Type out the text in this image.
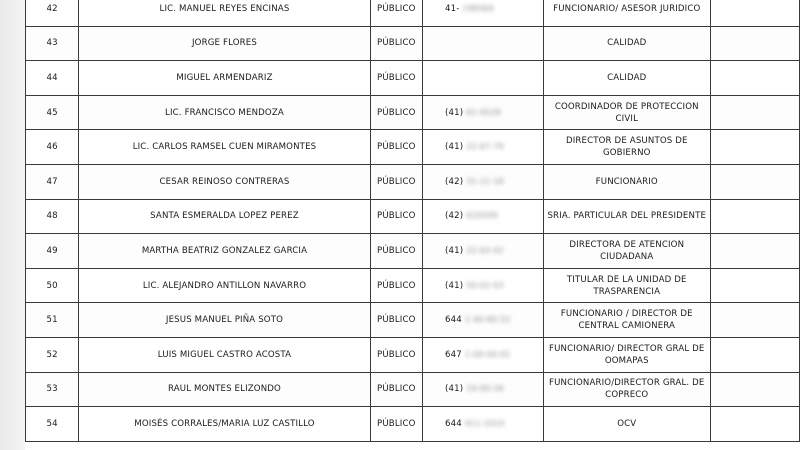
42	LIC. MANUEL REYES ENCINAS	PÚBLICO	41- 198369	FUNCIONARIO/ ASESOR JURIDICO	
43	JORGE FLORES	PÚBLICO		CALIDAD	
44	MIGUEL ARMENDARIZ	PÚBLICO		CALIDAD	
45	LIC. FRANCISCO MENDOZA	PÚBLICO	(41) 61-0528	COORDINADOR DE PROTECCION CIVIL	
46	LIC. CARLOS RAMSEL CUEN MIRAMONTES	PÚBLICO	(41) 22-67-79	DIRECTOR DE ASUNTOS DE GOBIERNO	
47	CESAR REINOSO CONTRERAS	PÚBLICO	(42) 31-11-18	FUNCIONARIO	
48	SANTA ESMERALDA LOPEZ PEREZ	PÚBLICO	(42) 610509	SRIA. PARTICULAR DEL PRESIDENTE	
49	MARTHA BEATRIZ GONZALEZ GARCIA	PÚBLICO	(41) 22-63-42	DIRECTORA DE ATENCION CIUDADANA	
50	LIC. ALEJANDRO ANTILLON NAVARRO	PÚBLICO	(41) 50-02-03	TITULAR DE LA UNIDAD DE TRASPARENCIA	
51	JESUS MANUEL PIÑA SOTO	PÚBLICO	644 1-40-80-52	FUNCIONARIO / DIRECTOR DE CENTRAL CAMIONERA	
52	LUIS MIGUEL CASTRO ACOSTA	PÚBLICO	647 1-00-00-01	FUNCIONARIO/ DIRECTOR GRAL DE OOMAPAS	
53	RAUL MONTES ELIZONDO	PÚBLICO	(41) 10-00-26	FUNCIONARIO/DIRECTOR GRAL. DE COPRECO	
54	MOISÉS CORRALES/MARIA LUZ CASTILLO	PÚBLICO	644 411-1010	OCV	
